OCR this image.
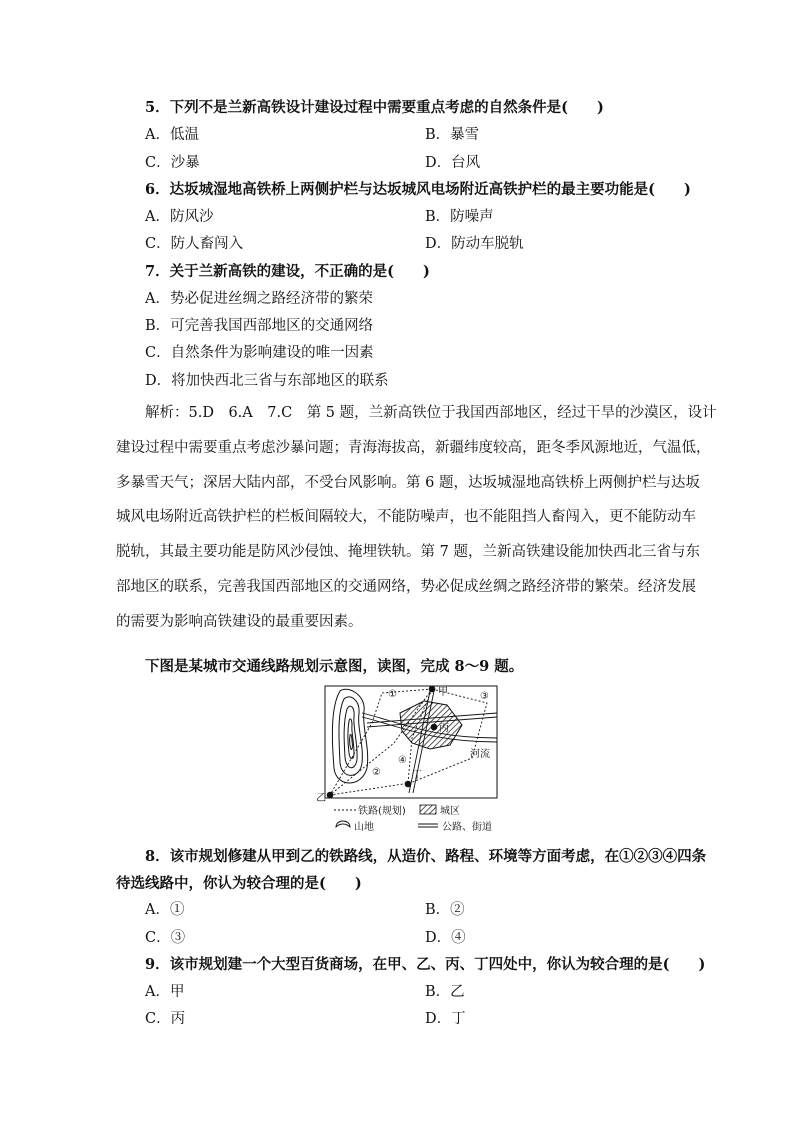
5．下列不是兰新高铁设计建设过程中需要重点考虑的自然条件是(　　)
A．低温	B．暴雪
C．沙暴	D．台风
6．达坂城湿地高铁桥上两侧护栏与达坂城风电场附近高铁护栏的最主要功能是(　　)
A．防风沙	B．防噪声
C．防人畜闯入	D．防动车脱轨
7．关于兰新高铁的建设，不正确的是(　　)
A．势必促进丝绸之路经济带的繁荣
B．可完善我国西部地区的交通网络
C．自然条件为影响建设的唯一因素
D．将加快西北三省与东部地区的联系
解析：5.D　6.A　7.C　第 5 题，兰新高铁位于我国西部地区，经过干旱的沙漠区，设计
建设过程中需要重点考虑沙暴问题；青海海拔高，新疆纬度较高，距冬季风源地近，气温低，
多暴雪天气；深居大陆内部，不受台风影响。第 6 题，达坂城湿地高铁桥上两侧护栏与达坂
城风电场附近高铁护栏的栏板间隔较大，不能防噪声，也不能阻挡人畜闯入，更不能防动车
脱轨，其最主要功能是防风沙侵蚀、掩埋铁轨。第 7 题，兰新高铁建设能加快西北三省与东
部地区的联系，完善我国西部地区的交通网络，势必促成丝绸之路经济带的繁荣。经济发展
的需要为影响高铁建设的最重要因素。
下图是某城市交通线路规划示意图，读图，完成 8～9 题。
甲
丙
丁
乙
河流
①
②
③
④
铁路(规划)	城区
山地	公路、街道
8．该市规划修建从甲到乙的铁路线，从造价、路程、环境等方面考虑，在①②③④四条
待选线路中，你认为较合理的是(　　)
A．①	B．②
C．③	D．④
9．该市规划建一个大型百货商场，在甲、乙、丙、丁四处中，你认为较合理的是(　　)
A．甲	B．乙
C．丙	D．丁
